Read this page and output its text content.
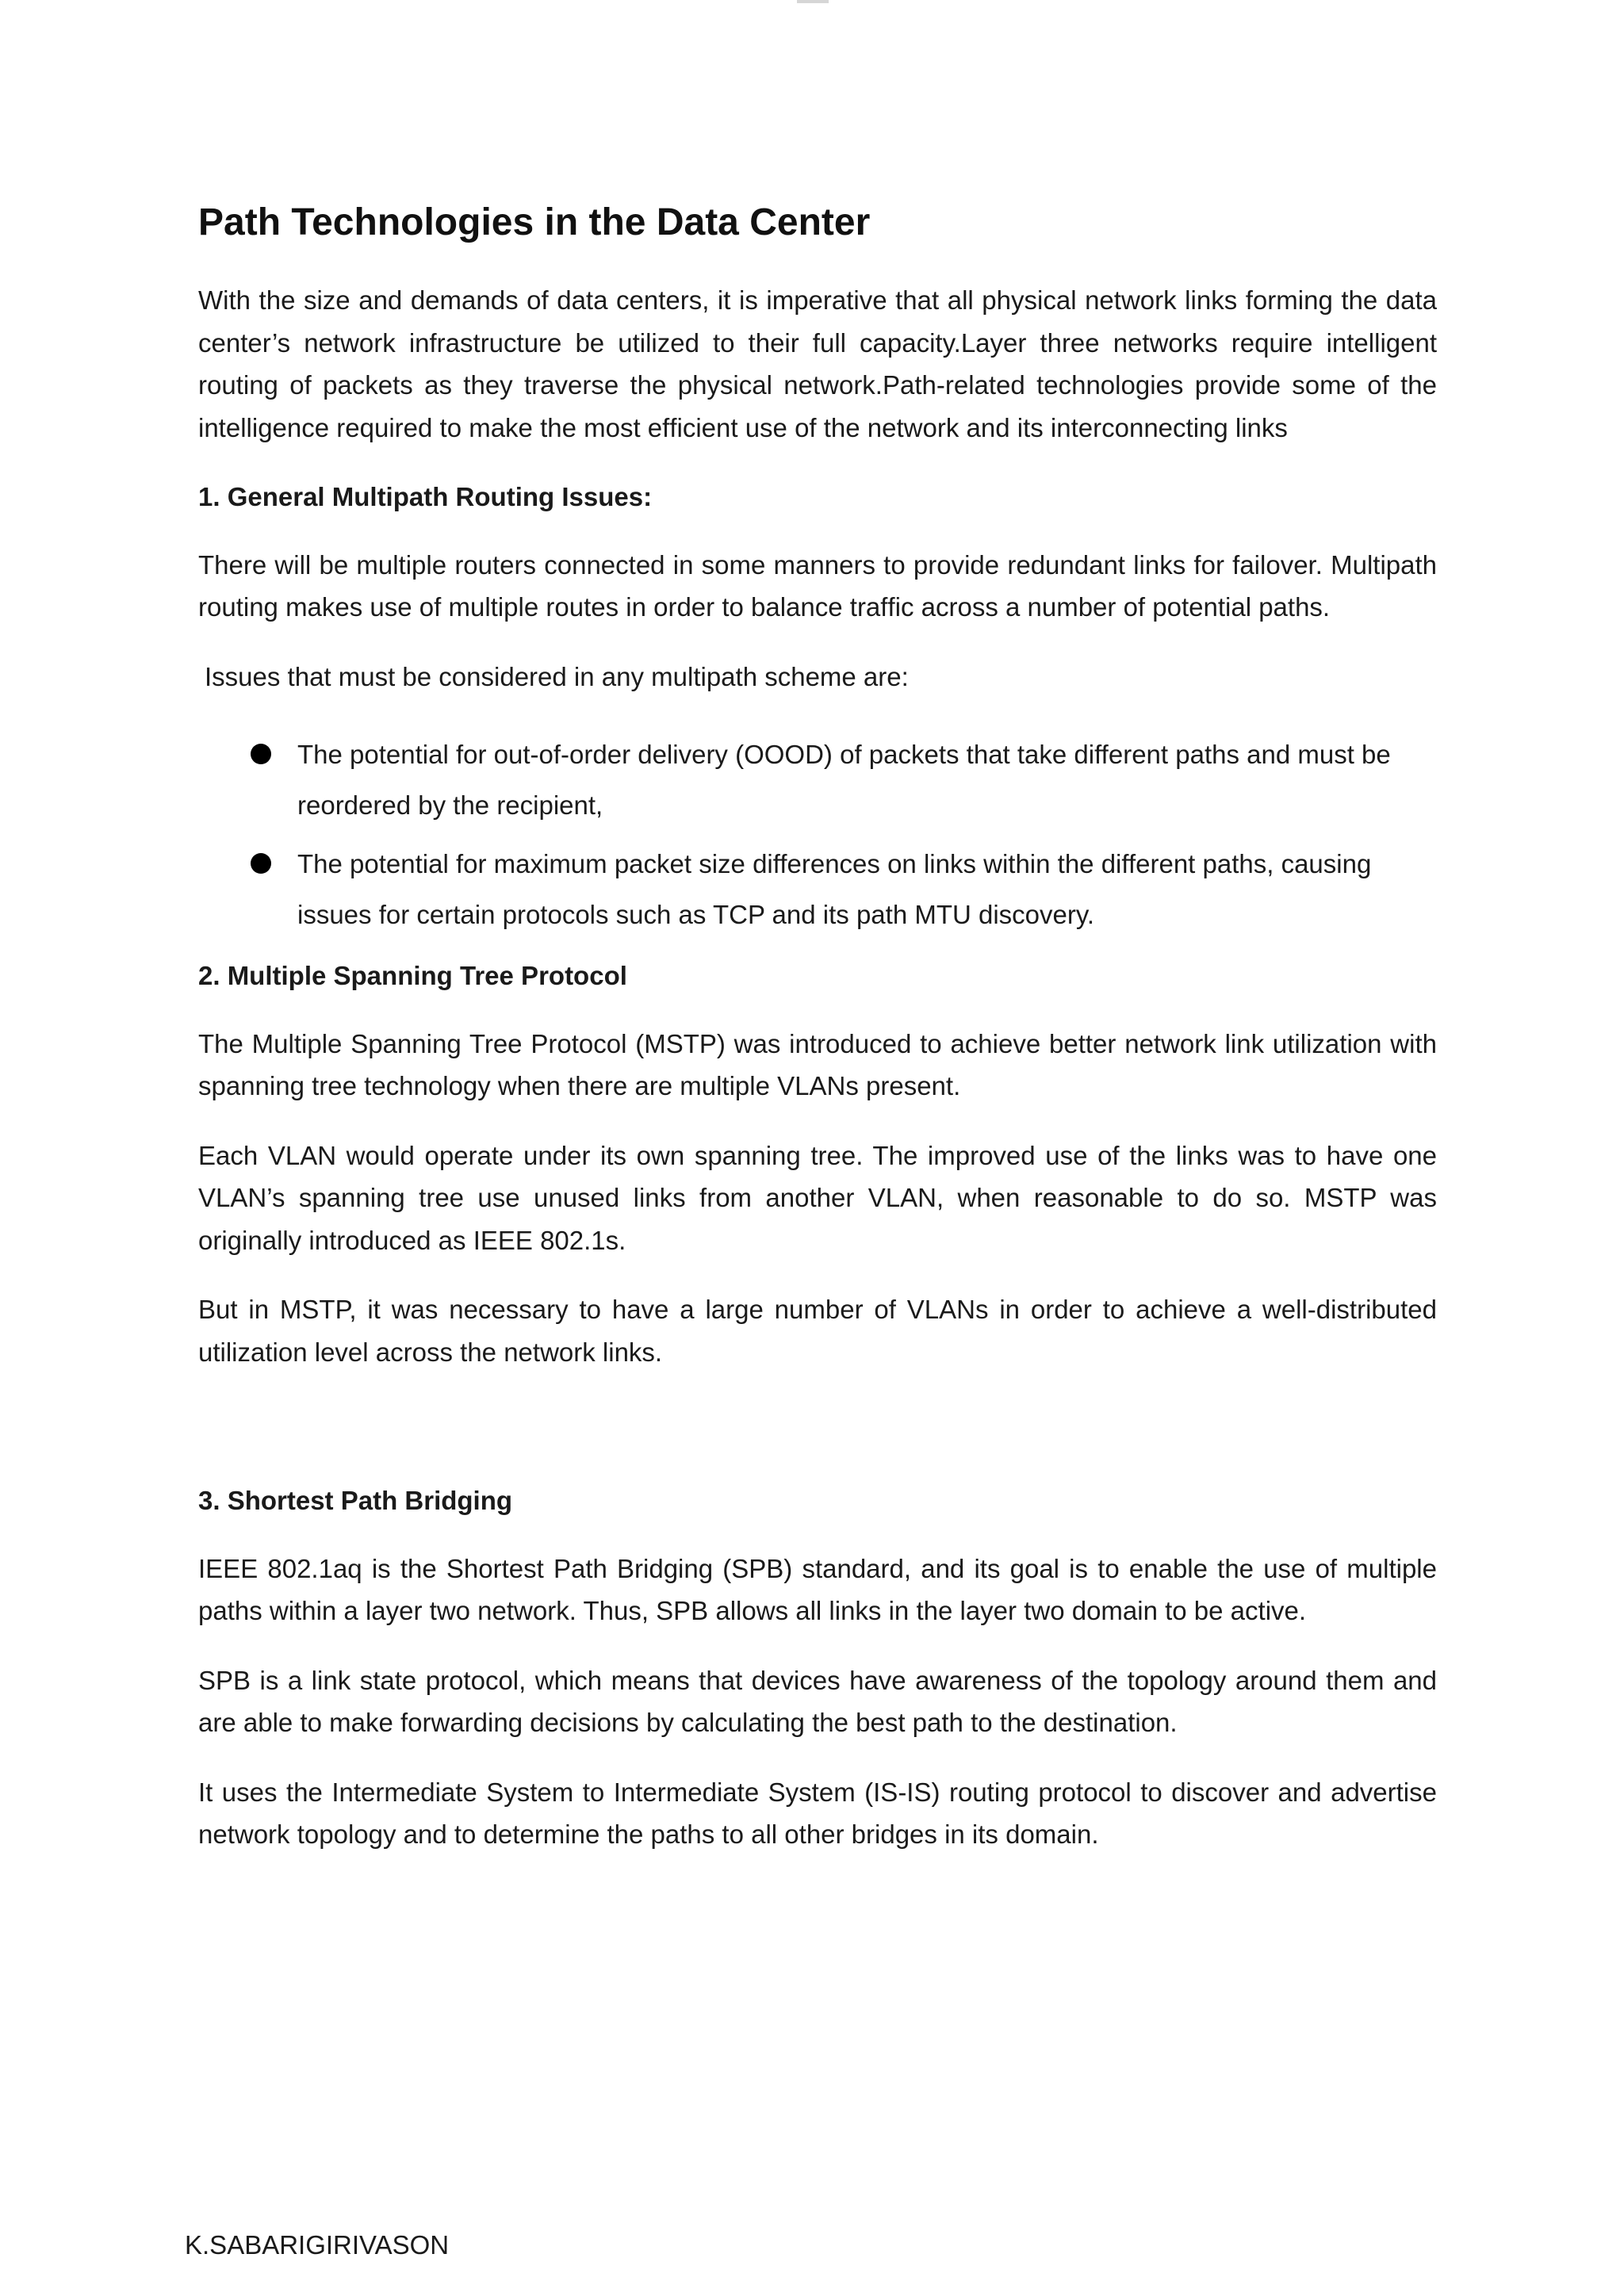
Path Technologies in the Data Center

With the size and demands of data centers, it is imperative that all physical network links forming the data center’s network infrastructure be utilized to their full capacity.Layer three networks require intelligent routing of packets as they traverse the physical network.Path-related technologies provide some of the intelligence required to make the most efﬁcient use of the network and its interconnecting links

1. General Multipath Routing Issues:

There will be multiple routers connected in some manners to provide redundant links for failover. Multipath routing makes use of multiple routes in order to balance trafﬁc across a number of potential paths.

Issues that must be considered in any multipath scheme are:

The potential for out-of-order delivery (OOOD) of packets that take different paths and must be reordered by the recipient,
The potential for maximum packet size differences on links within the different paths, causing issues for certain protocols such as TCP and its path MTU discovery.
2. Multiple Spanning Tree Protocol

The Multiple Spanning Tree Protocol (MSTP) was introduced to achieve better network link utilization with spanning tree technology when there are multiple VLANs present.

Each VLAN would operate under its own spanning tree. The improved use of the links was to have one VLAN’s spanning tree use unused links from another VLAN, when reasonable to do so. MSTP was originally introduced as IEEE 802.1s.

But in MSTP, it was necessary to have a large number of VLANs in order to achieve a well-distributed utilization level across the network links.

3. Shortest Path Bridging

IEEE 802.1aq is the Shortest Path Bridging (SPB) standard, and its goal is to enable the use of multiple paths within a layer two network. Thus, SPB allows all links in the layer two domain to be active.

SPB is a link state protocol, which means that devices have awareness of the topology around them and are able to make forwarding decisions by calculating the best path to the destination.

It uses the Intermediate System to Intermediate System (IS-IS) routing protocol to discover and advertise network topology and to determine the paths to all other bridges in its domain.

K.SABARIGIRIVASON
